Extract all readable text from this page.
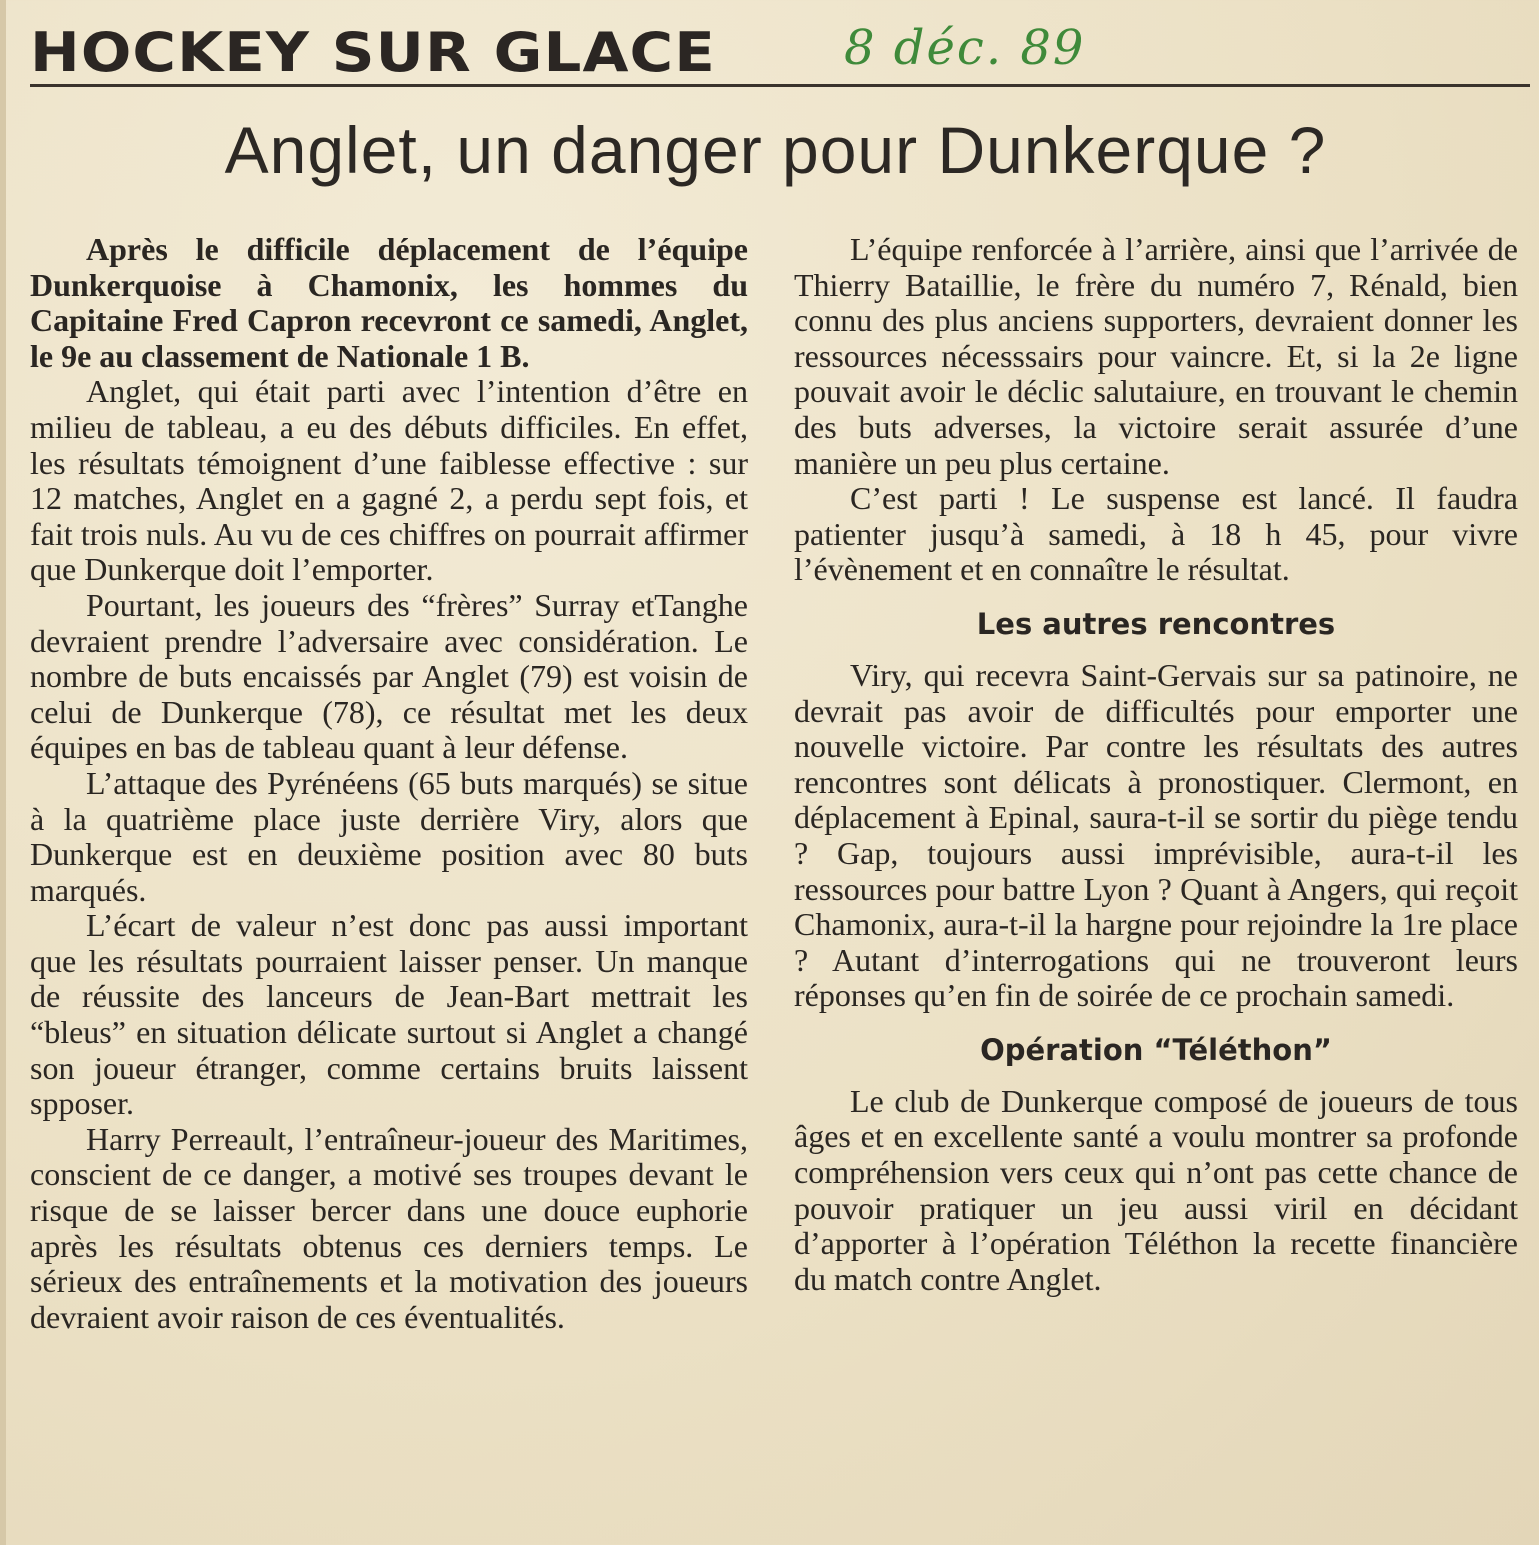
HOCKEY SUR GLACE	8 déc. 89
Anglet, un danger pour Dunkerque ?

Après le difficile déplacement de l’équipe Dunkerquoise à Chamonix, les hommes du Capitaine Fred Capron recevront ce samedi, Anglet, le 9e au classement de Nationale 1 B.

Anglet, qui était parti avec l’intention d’être en milieu de tableau, a eu des débuts difficiles. En effet, les résultats témoignent d’une faiblesse effective : sur 12 matches, Anglet en a gagné 2, a perdu sept fois, et fait trois nuls. Au vu de ces chiffres on pourrait affirmer que Dunkerque doit l’emporter.

Pourtant, les joueurs des “frères” Surray etTanghe devraient prendre l’adversaire avec considération. Le nombre de buts encaissés par Anglet (79) est voisin de celui de Dunkerque (78), ce résultat met les deux équipes en bas de tableau quant à leur défense.

L’attaque des Pyrénéens (65 buts marqués) se situe à la quatrième place juste derrière Viry, alors que Dunkerque est en deuxième position avec 80 buts marqués.

L’écart de valeur n’est donc pas aussi important que les résultats pourraient laisser penser. Un manque de réussite des lanceurs de Jean-Bart mettrait les “bleus” en situation délicate surtout si Anglet a changé son joueur étranger, comme certains bruits laissent spposer.

Harry Perreault, l’entraîneur-joueur des Maritimes, conscient de ce danger, a motivé ses troupes devant le risque de se laisser bercer dans une douce euphorie après les résultats obtenus ces derniers temps. Le sérieux des entraînements et la motivation des joueurs devraient avoir raison de ces éventualités.

L’équipe renforcée à l’arrière, ainsi que l’arrivée de Thierry Bataillie, le frère du numéro 7, Rénald, bien connu des plus anciens supporters, devraient donner les ressources nécesssairs pour vaincre. Et, si la 2e ligne pouvait avoir le déclic salutaiure, en trouvant le chemin des buts adverses, la victoire serait assurée d’une manière un peu plus certaine.

C’est parti ! Le suspense est lancé. Il faudra patienter jusqu’à samedi, à 18 h 45, pour vivre l’évènement et en connaître le résultat.

Les autres rencontres

Viry, qui recevra Saint-Gervais sur sa patinoire, ne devrait pas avoir de difficultés pour emporter une nouvelle victoire. Par contre les résultats des autres rencontres sont délicats à pronostiquer. Clermont, en déplacement à Epinal, saura-t-il se sortir du piège tendu ? Gap, toujours aussi imprévisible, aura-t-il les ressources pour battre Lyon ? Quant à Angers, qui reçoit Chamonix, aura-t-il la hargne pour rejoindre la 1re place ? Autant d’interrogations qui ne trouveront leurs réponses qu’en fin de soirée de ce prochain samedi.

Opération “Téléthon”

Le club de Dunkerque composé de joueurs de tous âges et en excellente santé a voulu montrer sa profonde compréhension vers ceux qui n’ont pas cette chance de pouvoir pratiquer un jeu aussi viril en décidant d’apporter à l’opération Téléthon la recette financière du match contre Anglet.
